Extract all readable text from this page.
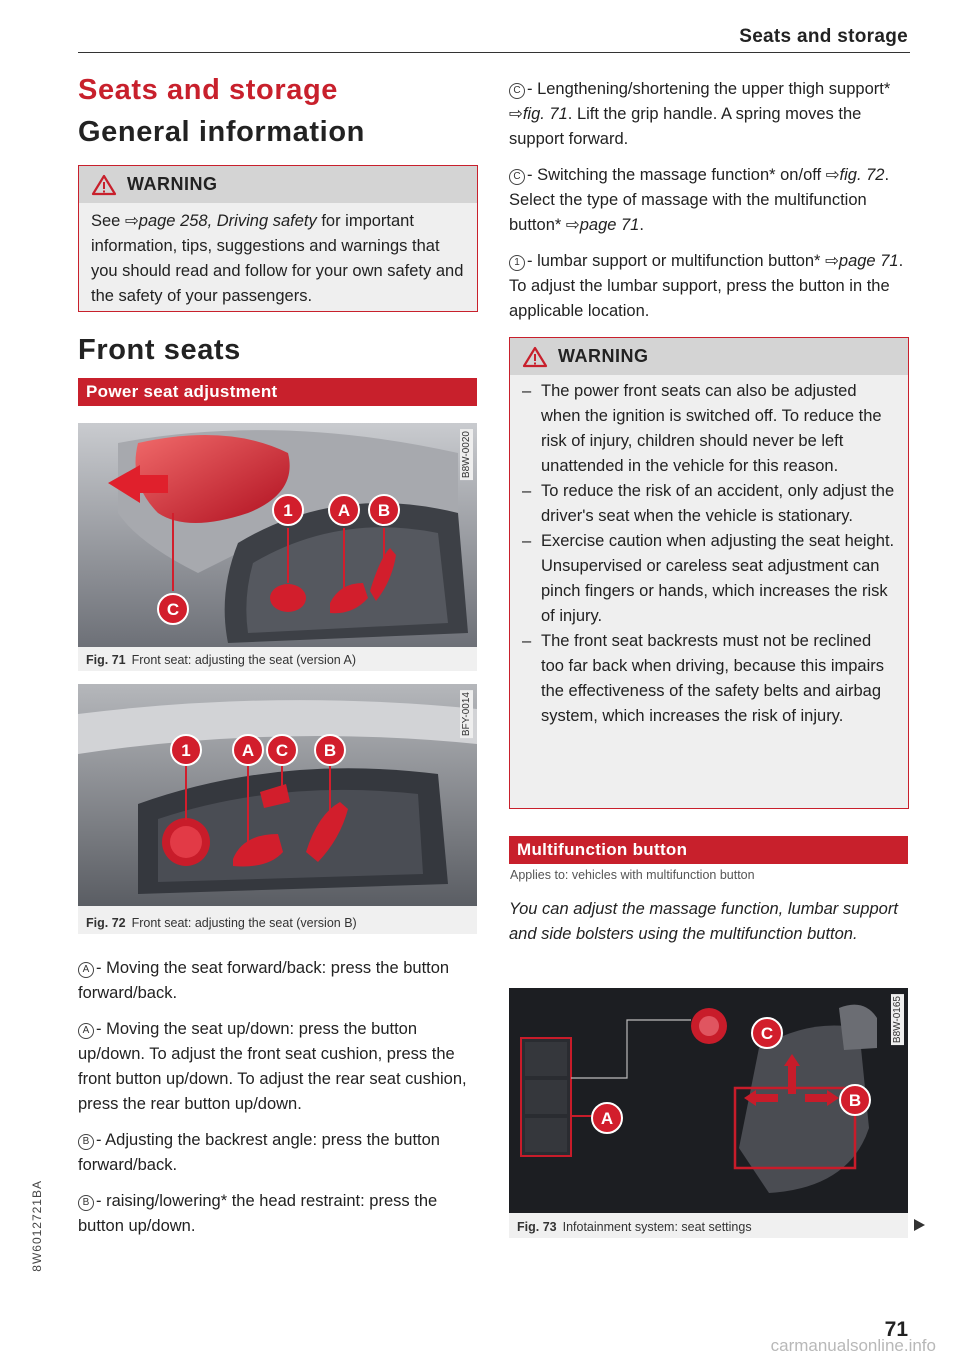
Seats and storage
Seats and storage
General information
WARNING
See ⇨page 258, Driving safety for important information, tips, suggestions and warnings that you should read and follow for your own safety and the safety of your passengers.
Front seats
Power seat adjustment
1	A B
C
B8W-0020
Fig. 71 Front seat: adjusting the seat (version A)
1	A C B
BFY-0014
Fig. 72 Front seat: adjusting the seat (version B)
A - Moving the seat forward/back: press the button forward/back.
A - Moving the seat up/down: press the button up/down. To adjust the front seat cushion, press the front button up/down. To adjust the rear seat cushion, press the rear button up/down.
B - Adjusting the backrest angle: press the button forward/back.
B - raising/lowering* the head restraint: press the button up/down.
C - Lengthening/shortening the upper thigh support* ⇨fig. 71. Lift the grip handle. A spring moves the support forward.
C - Switching the massage function* on/off ⇨fig. 72. Select the type of massage with the multifunction button* ⇨page 71.
1 - lumbar support or multifunction button* ⇨page 71. To adjust the lumbar support, press the button in the applicable location.
WARNING
– The power front seats can also be adjusted when the ignition is switched off. To reduce the risk of injury, children should never be left unattended in the vehicle for this reason.
– To reduce the risk of an accident, only adjust the driver's seat when the vehicle is stationary.
– Exercise caution when adjusting the seat height. Unsupervised or careless seat adjustment can pinch fingers or hands, which increases the risk of injury.
– The front seat backrests must not be reclined too far back when driving, because this impairs the effectiveness of the safety belts and airbag system, which increases the risk of injury.
Multifunction button
Applies to: vehicles with multifunction button
You can adjust the massage function, lumbar support and side bolsters using the multifunction button.
C
A
B
B8W-0165
Fig. 73 Infotainment system: seat settings
8W6012721BA
71
carmanualsonline.info
